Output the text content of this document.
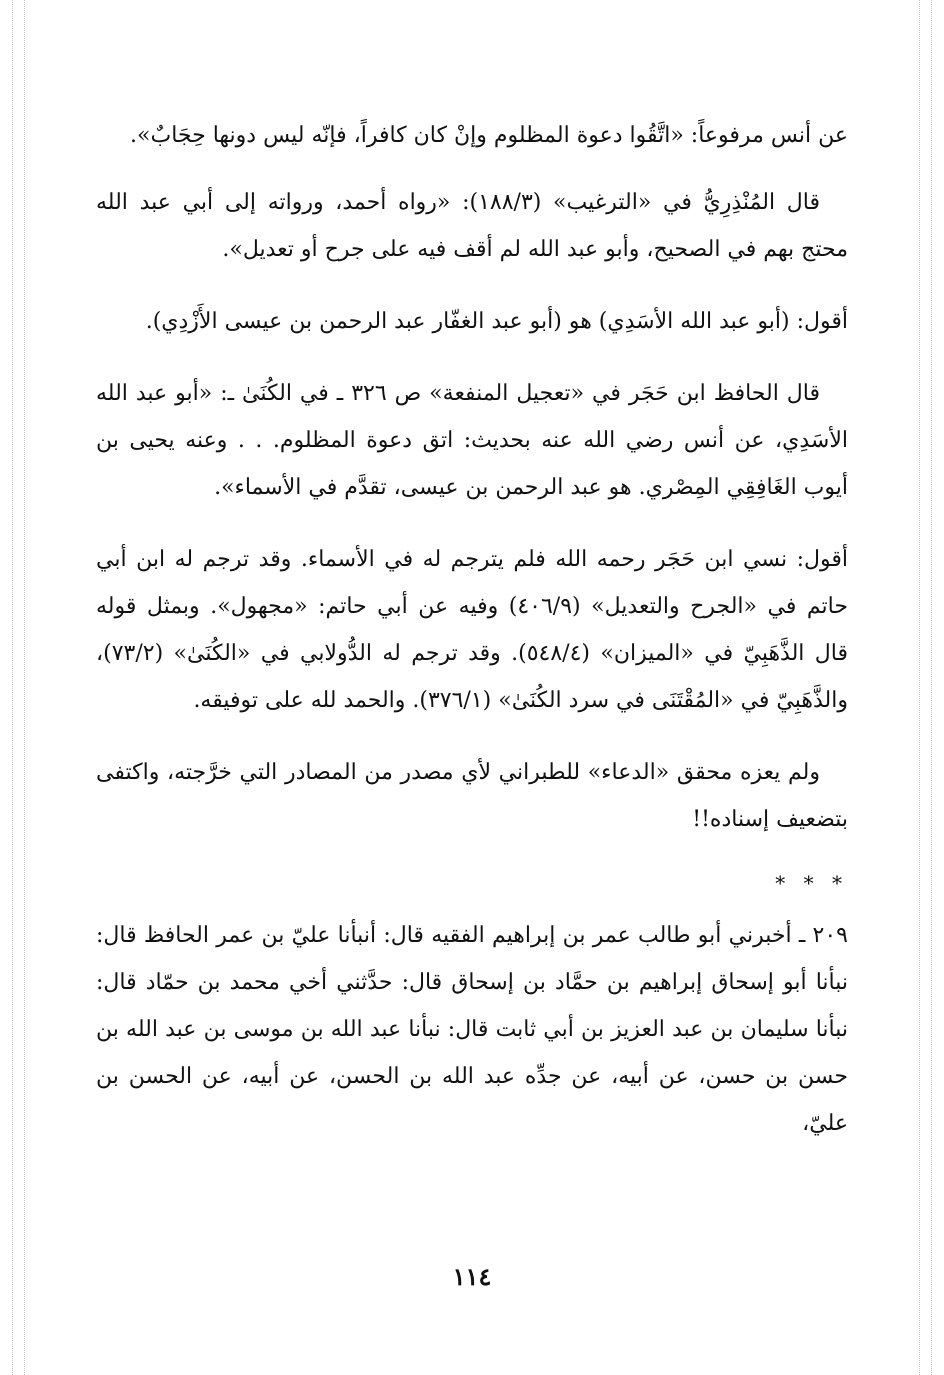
عن أنس مرفوعاً: «اتَّقُوا دعوة المظلوم وإنْ كان كافراً، فإنّه ليس دونها حِجَابٌ».

قال المُنْذِرِيُّ في «الترغيب» (١٨٨/٣): «رواه أحمد، ورواته إلى أبي عبد الله محتج بهم في الصحيح، وأبو عبد الله لم أقف فيه على جرح أو تعديل».

أقول: (أبو عبد الله الأسَدِي) هو (أبو عبد الغفّار عبد الرحمن بن عيسى الأَزْدِي).

قال الحافظ ابن حَجَر في «تعجيل المنفعة» ص ٣٢٦ ـ في الكُنَىٰ ـ: «أبو عبد الله الأسَدِي، عن أنس رضي الله عنه بحديث: اتق دعوة المظلوم. . . وعنه يحيى بن أيوب الغَافِقِي المِصْري. هو عبد الرحمن بن عيسى، تقدَّم في الأسماء».

أقول: نسي ابن حَجَر رحمه الله فلم يترجم له في الأسماء. وقد ترجم له ابن أبي حاتم في «الجرح والتعديل» (٤٠٦/٩) وفيه عن أبي حاتم: «مجهول». وبمثل قوله قال الذَّهَبِيّ في «الميزان» (٥٤٨/٤). وقد ترجم له الدُّولابي في «الكُنَىٰ» (٧٣/٢)، والذَّهَبِيّ في «المُقْتَنَى في سرد الكُنَىٰ» (٣٧٦/١). والحمد لله على توفيقه.

ولم يعزه محقق «الدعاء» للطبراني لأي مصدر من المصادر التي خرَّجته، واكتفى بتضعيف إسناده!!

* * *

٢٠٩ ـ أخبرني أبو طالب عمر بن إبراهيم الفقيه قال: أنبأنا عليّ بن عمر الحافظ قال: نبأنا أبو إسحاق إبراهيم بن حمَّاد بن إسحاق قال: حدَّثني أخي محمد بن حمّاد قال: نبأنا سليمان بن عبد العزيز بن أبي ثابت قال: نبأنا عبد الله بن موسى بن عبد الله بن حسن بن حسن، عن أبيه، عن جدِّه عبد الله بن الحسن، عن أبيه، عن الحسن بن عليّ،

١١٤
